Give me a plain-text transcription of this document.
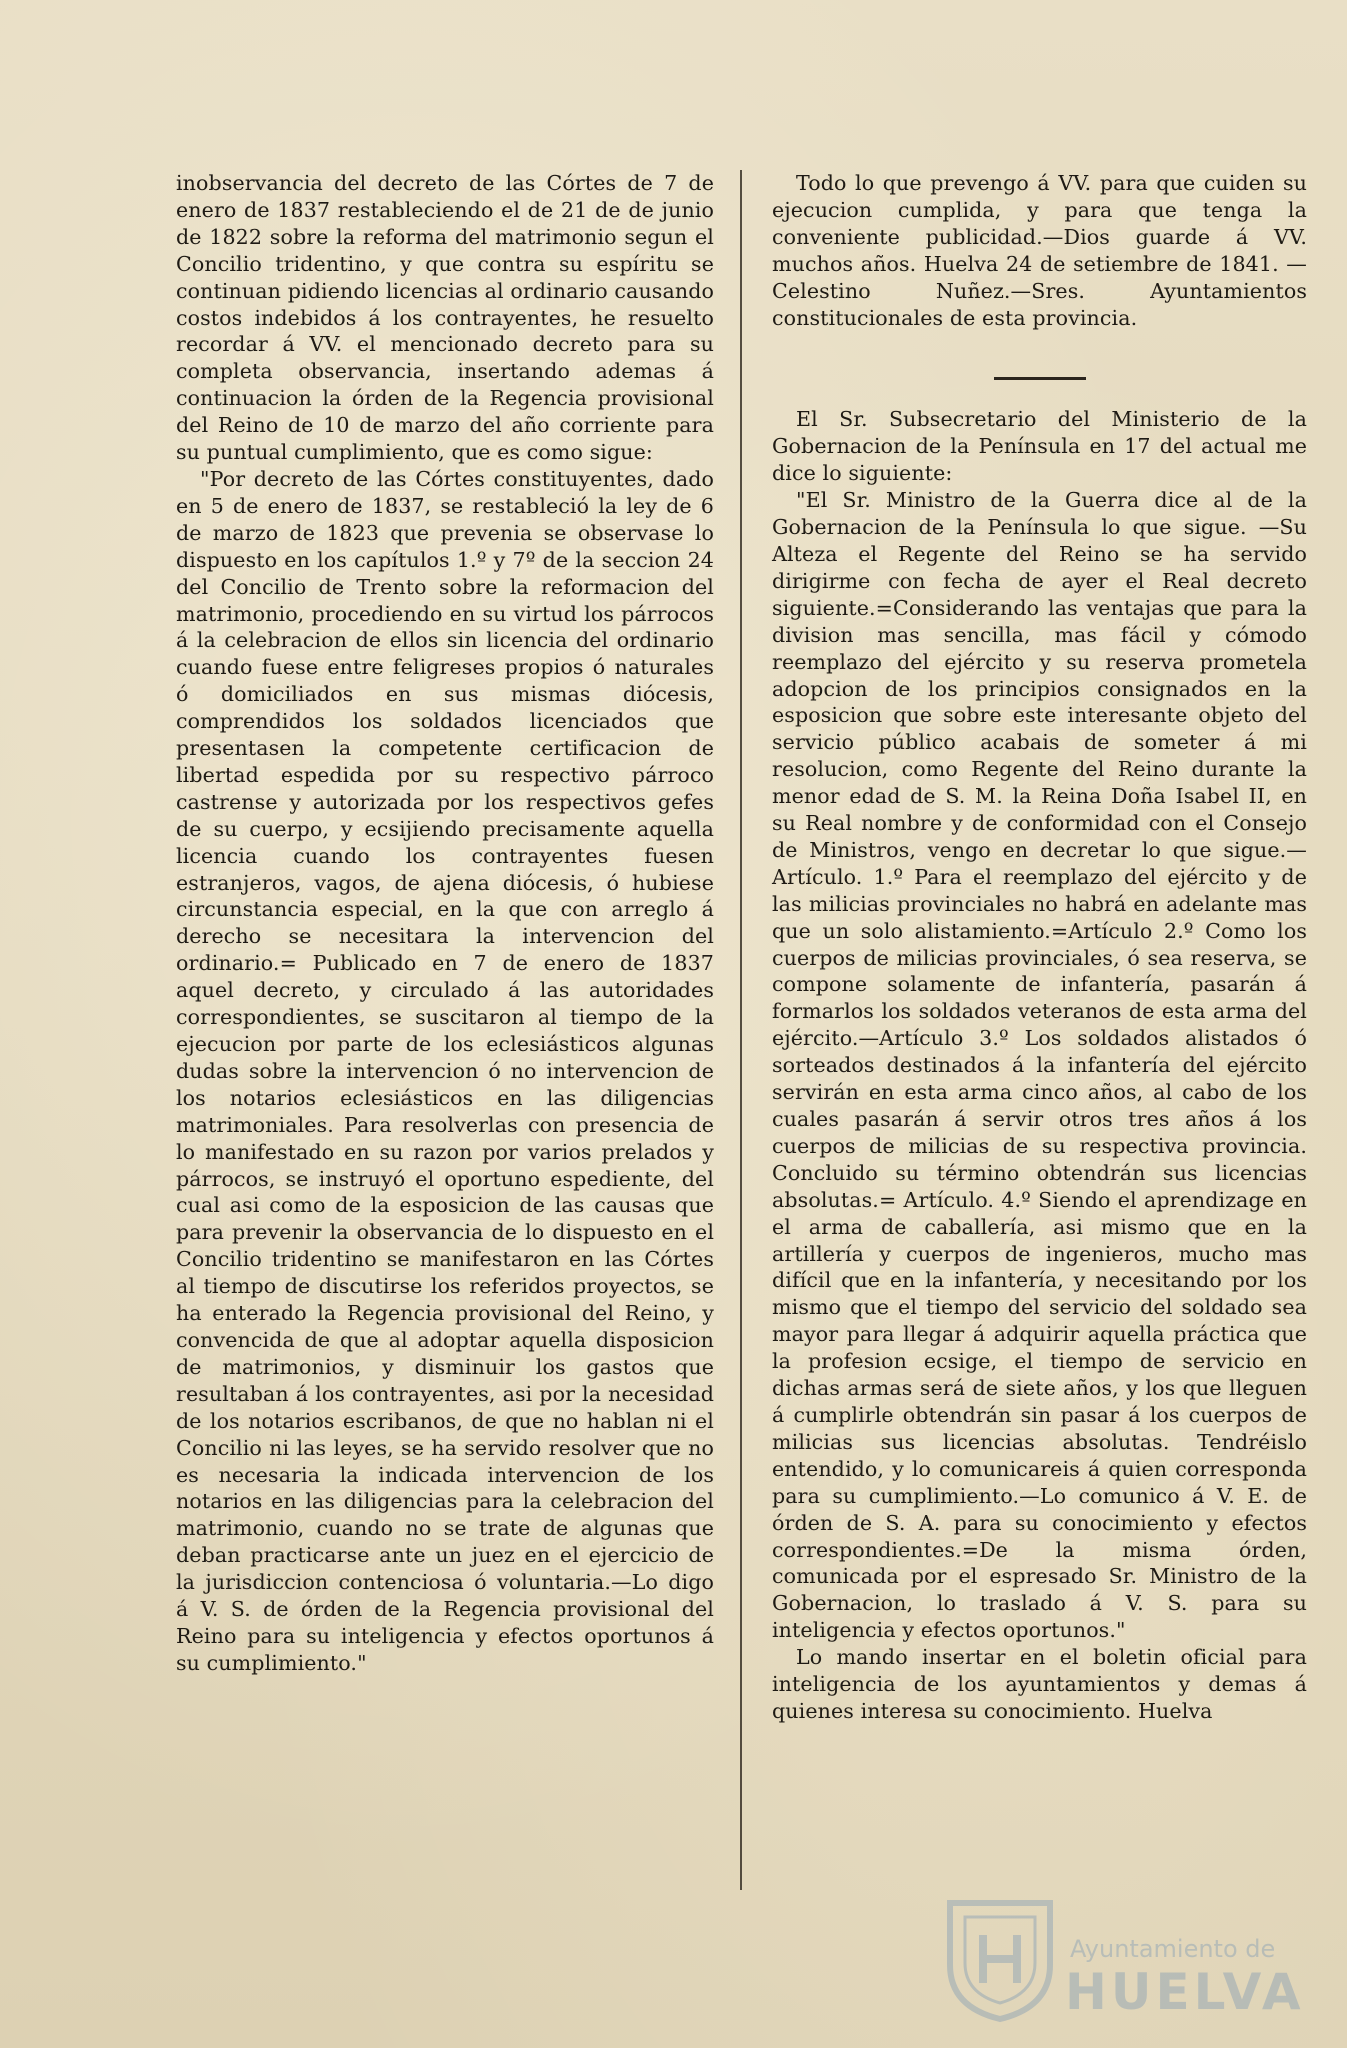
inobservancia del decreto de las Córtes de 7 de enero de 1837 restableciendo el de 21 de de junio de 1822 sobre la reforma del matrimonio segun el Concilio tridentino, y que contra su espíritu se continuan pidiendo licencias al ordinario causando costos indebidos á los contrayentes, he resuelto recordar á VV. el mencionado decreto para su completa observancia, insertando ademas á continuacion la órden de la Regencia provisional del Reino de 10 de marzo del año corriente para su puntual cumplimiento, que es como sigue:

"Por decreto de las Córtes constituyentes, dado en 5 de enero de 1837, se restableció la ley de 6 de marzo de 1823 que prevenia se observase lo dispuesto en los capítulos 1.º y 7º de la seccion 24 del Concilio de Trento sobre la reformacion del matrimonio, procediendo en su virtud los párrocos á la celebracion de ellos sin licencia del ordinario cuando fuese entre feligreses propios ó naturales ó domiciliados en sus mismas diócesis, comprendidos los soldados licenciados que presentasen la competente certificacion de libertad espedida por su respectivo párroco castrense y autorizada por los respectivos gefes de su cuerpo, y ecsijiendo precisamente aquella licencia cuando los contrayentes fuesen estranjeros, vagos, de ajena diócesis, ó hubiese circunstancia especial, en la que con arreglo á derecho se necesitara la intervencion del ordinario.= Publicado en 7 de enero de 1837 aquel decreto, y circulado á las autoridades correspondientes, se suscitaron al tiempo de la ejecucion por parte de los eclesiásticos algunas dudas sobre la intervencion ó no intervencion de los notarios eclesiásticos en las diligencias matrimoniales. Para resolverlas con presencia de lo manifestado en su razon por varios prelados y párrocos, se instruyó el oportuno espediente, del cual asi como de la esposicion de las causas que para prevenir la observancia de lo dispuesto en el Concilio tridentino se manifestaron en las Córtes al tiempo de discutirse los referidos proyectos, se ha enterado la Regencia provisional del Reino, y convencida de que al adoptar aquella disposicion de matrimonios, y disminuir los gastos que resultaban á los contrayentes, asi por la necesidad de los notarios escribanos, de que no hablan ni el Concilio ni las leyes, se ha servido resolver que no es necesaria la indicada intervencion de los notarios en las diligencias para la celebracion del matrimonio, cuando no se trate de algunas que deban practicarse ante un juez en el ejercicio de la jurisdiccion contenciosa ó voluntaria.—Lo digo á V. S. de órden de la Regencia provisional del Reino para su inteligencia y efectos oportunos á su cumplimiento."

Todo lo que prevengo á VV. para que cuiden su ejecucion cumplida, y para que tenga la conveniente publicidad.—Dios guarde á VV. muchos años. Huelva 24 de setiembre de 1841. —Celestino Nuñez.—Sres. Ayuntamientos constitucionales de esta provincia.

El Sr. Subsecretario del Ministerio de la Gobernacion de la Península en 17 del actual me dice lo siguiente:

"El Sr. Ministro de la Guerra dice al de la Gobernacion de la Península lo que sigue. —Su Alteza el Regente del Reino se ha servido dirigirme con fecha de ayer el Real decreto siguiente.=Considerando las ventajas que para la division mas sencilla, mas fácil y cómodo reemplazo del ejército y su reserva prometela adopcion de los principios consignados en la esposicion que sobre este interesante objeto del servicio público acabais de someter á mi resolucion, como Regente del Reino durante la menor edad de S. M. la Reina Doña Isabel II, en su Real nombre y de conformidad con el Consejo de Ministros, vengo en decretar lo que sigue.—Artículo. 1.º Para el reemplazo del ejército y de las milicias provinciales no habrá en adelante mas que un solo alistamiento.=Artículo 2.º Como los cuerpos de milicias provinciales, ó sea reserva, se compone solamente de infantería, pasarán á formarlos los soldados veteranos de esta arma del ejército.—Artículo 3.º Los soldados alistados ó sorteados destinados á la infantería del ejército servirán en esta arma cinco años, al cabo de los cuales pasarán á servir otros tres años á los cuerpos de milicias de su respectiva provincia. Concluido su término obtendrán sus licencias absolutas.= Artículo. 4.º Siendo el aprendizage en el arma de caballería, asi mismo que en la artillería y cuerpos de ingenieros, mucho mas difícil que en la infantería, y necesitando por los mismo que el tiempo del servicio del soldado sea mayor para llegar á adquirir aquella práctica que la profesion ecsige, el tiempo de servicio en dichas armas será de siete años, y los que lleguen á cumplirle obtendrán sin pasar á los cuerpos de milicias sus licencias absolutas. Tendréislo entendido, y lo comunicareis á quien corresponda para su cumplimiento.—Lo comunico á V. E. de órden de S. A. para su conocimiento y efectos correspondientes.=De la misma órden, comunicada por el espresado Sr. Ministro de la Gobernacion, lo traslado á V. S. para su inteligencia y efectos oportunos."

Lo mando insertar en el boletin oficial para inteligencia de los ayuntamientos y demas á quienes interesa su conocimiento. Huelva

Ayuntamiento de
HUELVA
